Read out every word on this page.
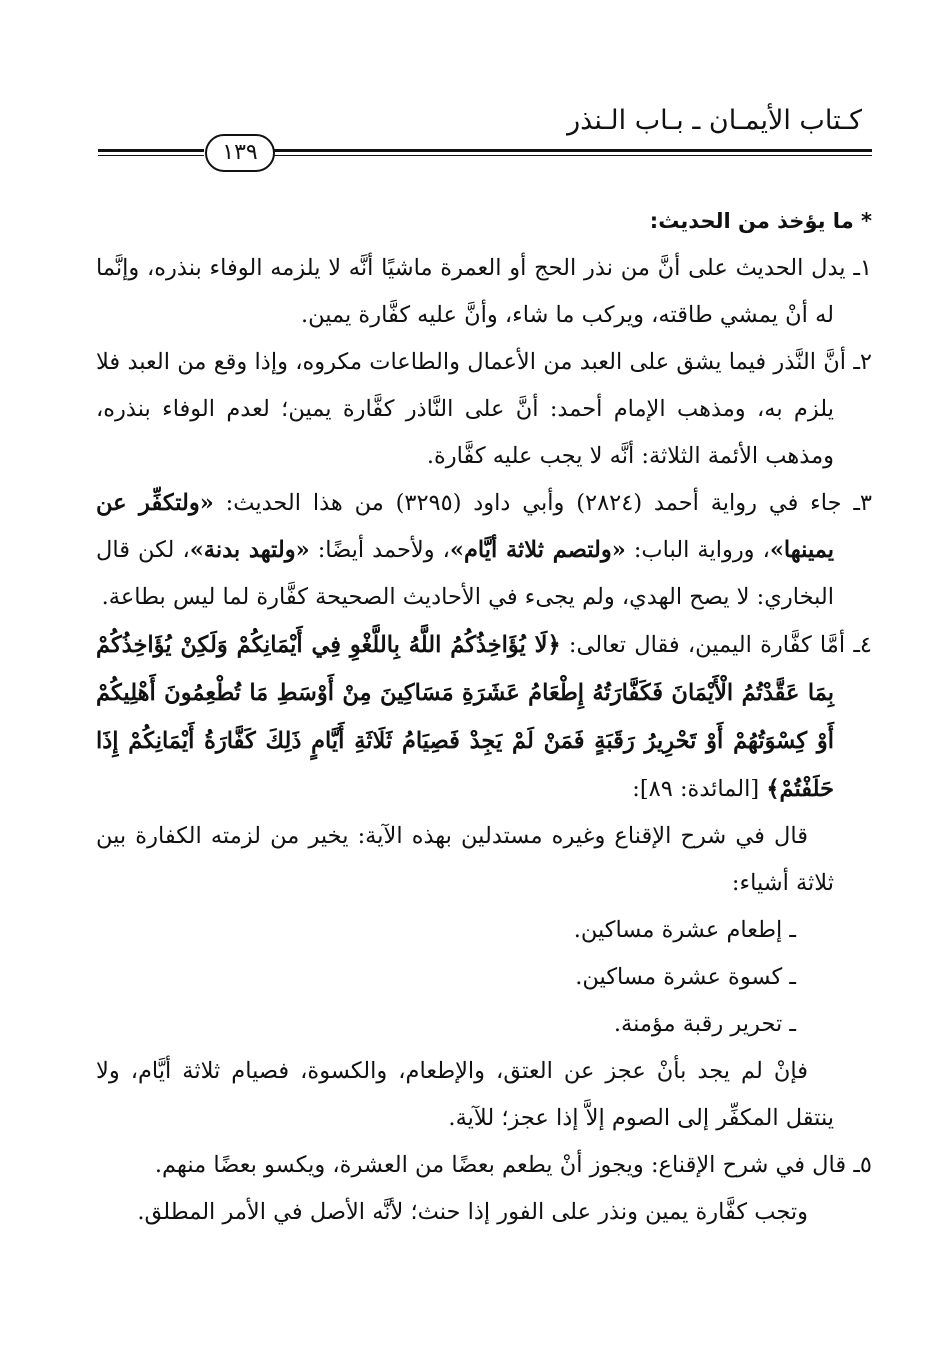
كـتاب الأيمـان ـ بـاب الـنذر
١٣٩

* ما يؤخذ من الحديث:

١ـ يدل الحديث على أنَّ من نذر الحج أو العمرة ماشيًا أنَّه لا يلزمه الوفاء بنذره، وإنَّما له أنْ يمشي طاقته، ويركب ما شاء، وأنَّ عليه كفَّارة يمين.

٢ـ أنَّ النَّذر فيما يشق على العبد من الأعمال والطاعات مكروه، وإذا وقع من العبد فلا يلزم به، ومذهب الإمام أحمد: أنَّ على النَّاذر كفَّارة يمين؛ لعدم الوفاء بنذره، ومذهب الأئمة الثلاثة: أنَّه لا يجب عليه كفَّارة.

٣ـ جاء في رواية أحمد (٢٨٢٤) وأبي داود (٣٢٩٥) من هذا الحديث: «ولتكفِّر عن يمينها»، ورواية الباب: «ولتصم ثلاثة أيَّام»، ولأحمد أيضًا: «ولتهد بدنة»، لكن قال البخاري: لا يصح الهدي، ولم يجىء في الأحاديث الصحيحة كفَّارة لما ليس بطاعة.

٤ـ أمَّا كفَّارة اليمين، فقال تعالى: ﴿لَا يُؤَاخِذُكُمُ اللَّهُ بِاللَّغْوِ فِي أَيْمَانِكُمْ وَلَكِنْ يُؤَاخِذُكُمْ بِمَا عَقَّدْتُمُ الْأَيْمَانَ فَكَفَّارَتُهُ إِطْعَامُ عَشَرَةِ مَسَاكِينَ مِنْ أَوْسَطِ مَا تُطْعِمُونَ أَهْلِيكُمْ أَوْ كِسْوَتُهُمْ أَوْ تَحْرِيرُ رَقَبَةٍ فَمَنْ لَمْ يَجِدْ فَصِيَامُ ثَلَاثَةِ أَيَّامٍ ذَلِكَ كَفَّارَةُ أَيْمَانِكُمْ إِذَا حَلَفْتُمْ﴾ [المائدة: ٨٩]:

قال في شرح الإقناع وغيره مستدلين بهذه الآية: يخير من لزمته الكفارة بين ثلاثة أشياء:

ـ إطعام عشرة مساكين.

ـ كسوة عشرة مساكين.

ـ تحرير رقبة مؤمنة.

فإنْ لم يجد بأنْ عجز عن العتق، والإطعام، والكسوة، فصيام ثلاثة أيَّام، ولا ينتقل المكفِّر إلى الصوم إلاَّ إذا عجز؛ للآية.

٥ـ قال في شرح الإقناع: ويجوز أنْ يطعم بعضًا من العشرة، ويكسو بعضًا منهم.

وتجب كفَّارة يمين ونذر على الفور إذا حنث؛ لأنَّه الأصل في الأمر المطلق.
